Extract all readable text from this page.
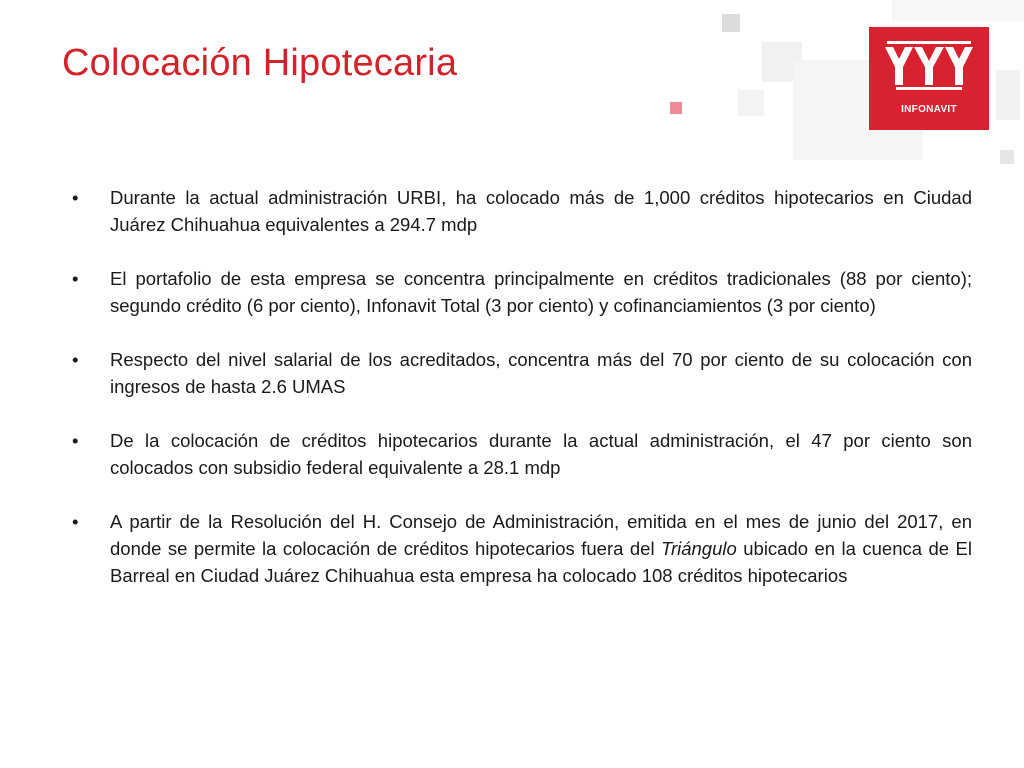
Colocación Hipotecaria
INFONAVIT
• Durante la actual administración URBI, ha colocado más de 1,000 créditos hipotecarios en Ciudad Juárez Chihuahua equivalentes a 294.7 mdp
• El portafolio de esta empresa se concentra principalmente en créditos tradicionales (88 por ciento); segundo crédito (6 por ciento), Infonavit Total (3 por ciento) y cofinanciamientos (3 por ciento)
• Respecto del nivel salarial de los acreditados, concentra más del 70 por ciento de su colocación con ingresos de hasta 2.6 UMAS
• De la colocación de créditos hipotecarios durante la actual administración, el 47 por ciento son colocados con subsidio federal equivalente a 28.1 mdp
• A partir de la Resolución del H. Consejo de Administración, emitida en el mes de junio del 2017, en donde se permite la colocación de créditos hipotecarios fuera del Triángulo ubicado en la cuenca de El Barreal en Ciudad Juárez Chihuahua esta empresa ha colocado 108 créditos hipotecarios
